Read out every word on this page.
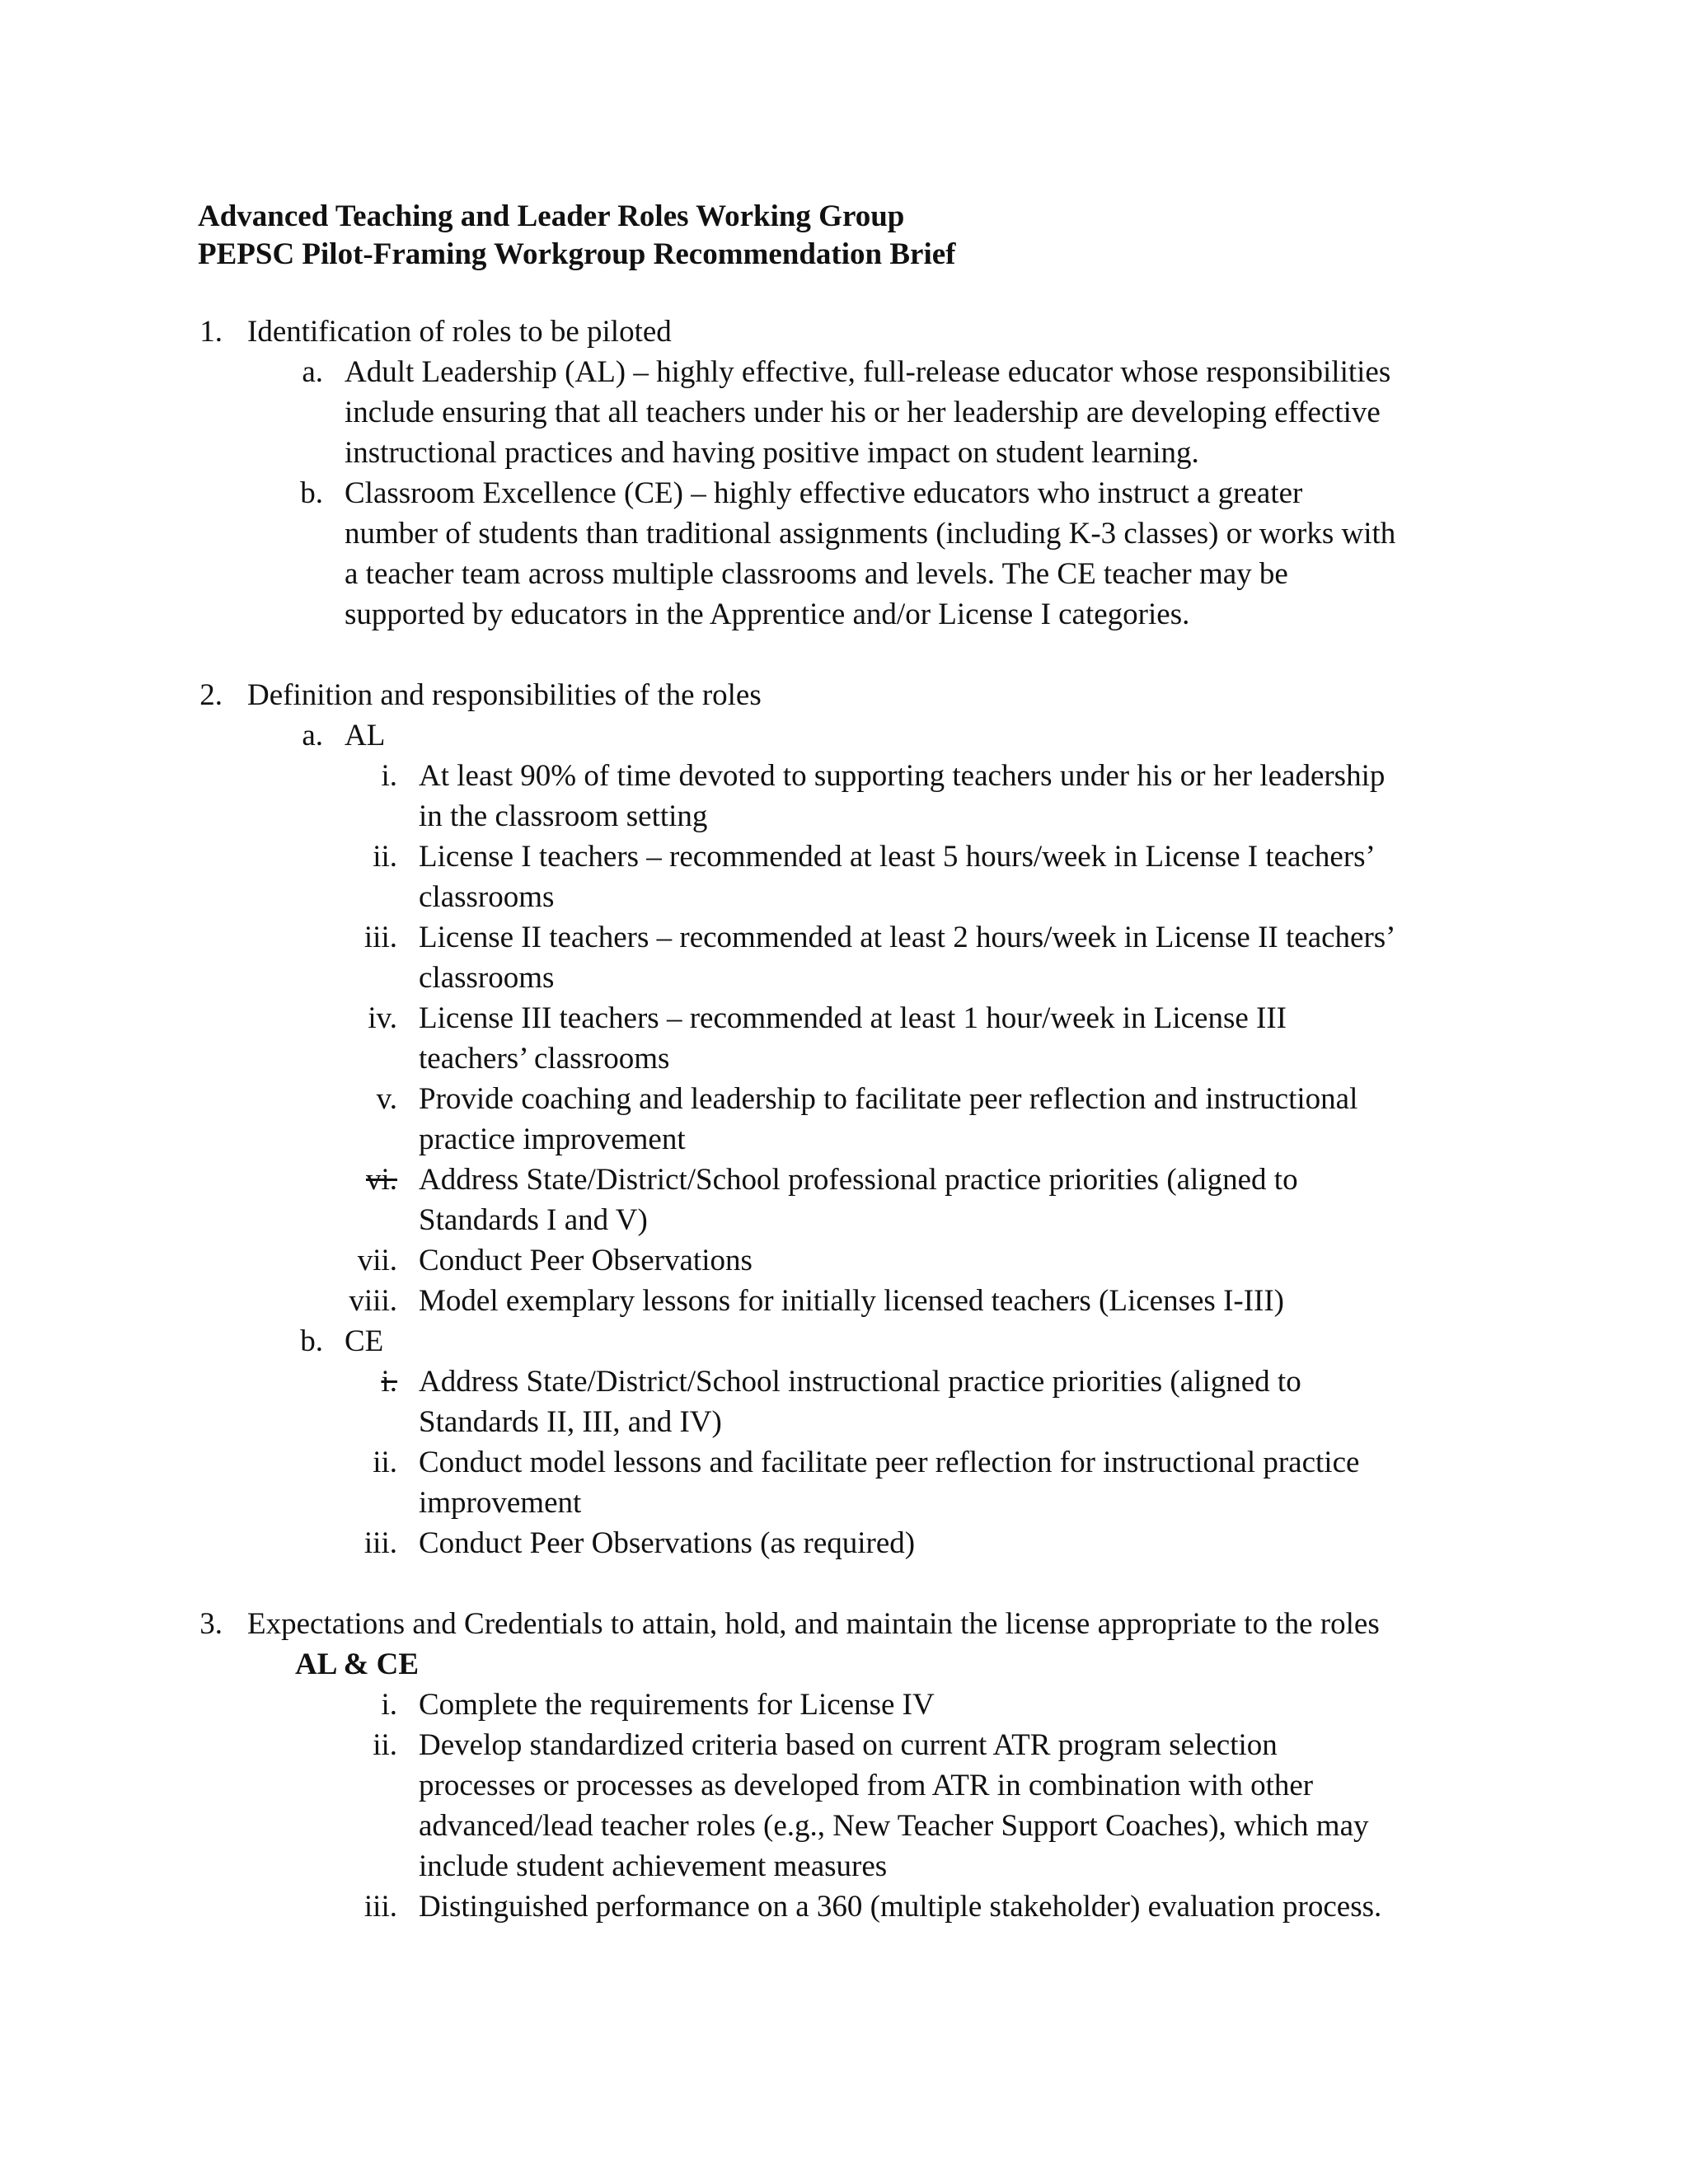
Advanced Teaching and Leader Roles Working Group
PEPSC Pilot-Framing Workgroup Recommendation Brief
1. Identification of roles to be piloted
a. Adult Leadership (AL) – highly effective, full-release educator whose responsibilities
include ensuring that all teachers under his or her leadership are developing effective
instructional practices and having positive impact on student learning.
b. Classroom Excellence (CE) – highly effective educators who instruct a greater
number of students than traditional assignments (including K-3 classes) or works with
a teacher team across multiple classrooms and levels. The CE teacher may be
supported by educators in the Apprentice and/or License I categories.
2. Definition and responsibilities of the roles
a. AL
i. At least 90% of time devoted to supporting teachers under his or her leadership
in the classroom setting
ii. License I teachers – recommended at least 5 hours/week in License I teachers’
classrooms
iii. License II teachers – recommended at least 2 hours/week in License II teachers’
classrooms
iv. License III teachers – recommended at least 1 hour/week in License III
teachers’ classrooms
v. Provide coaching and leadership to facilitate peer reflection and instructional
practice improvement
vi. Address State/District/School professional practice priorities (aligned to
Standards I and V)
vii. Conduct Peer Observations
viii. Model exemplary lessons for initially licensed teachers (Licenses I-III)
b. CE
i. Address State/District/School instructional practice priorities (aligned to
Standards II, III, and IV)
ii. Conduct model lessons and facilitate peer reflection for instructional practice
improvement
iii. Conduct Peer Observations (as required)
3. Expectations and Credentials to attain, hold, and maintain the license appropriate to the roles
AL & CE
i. Complete the requirements for License IV
ii. Develop standardized criteria based on current ATR program selection
processes or processes as developed from ATR in combination with other
advanced/lead teacher roles (e.g., New Teacher Support Coaches), which may
include student achievement measures
iii. Distinguished performance on a 360 (multiple stakeholder) evaluation process.
